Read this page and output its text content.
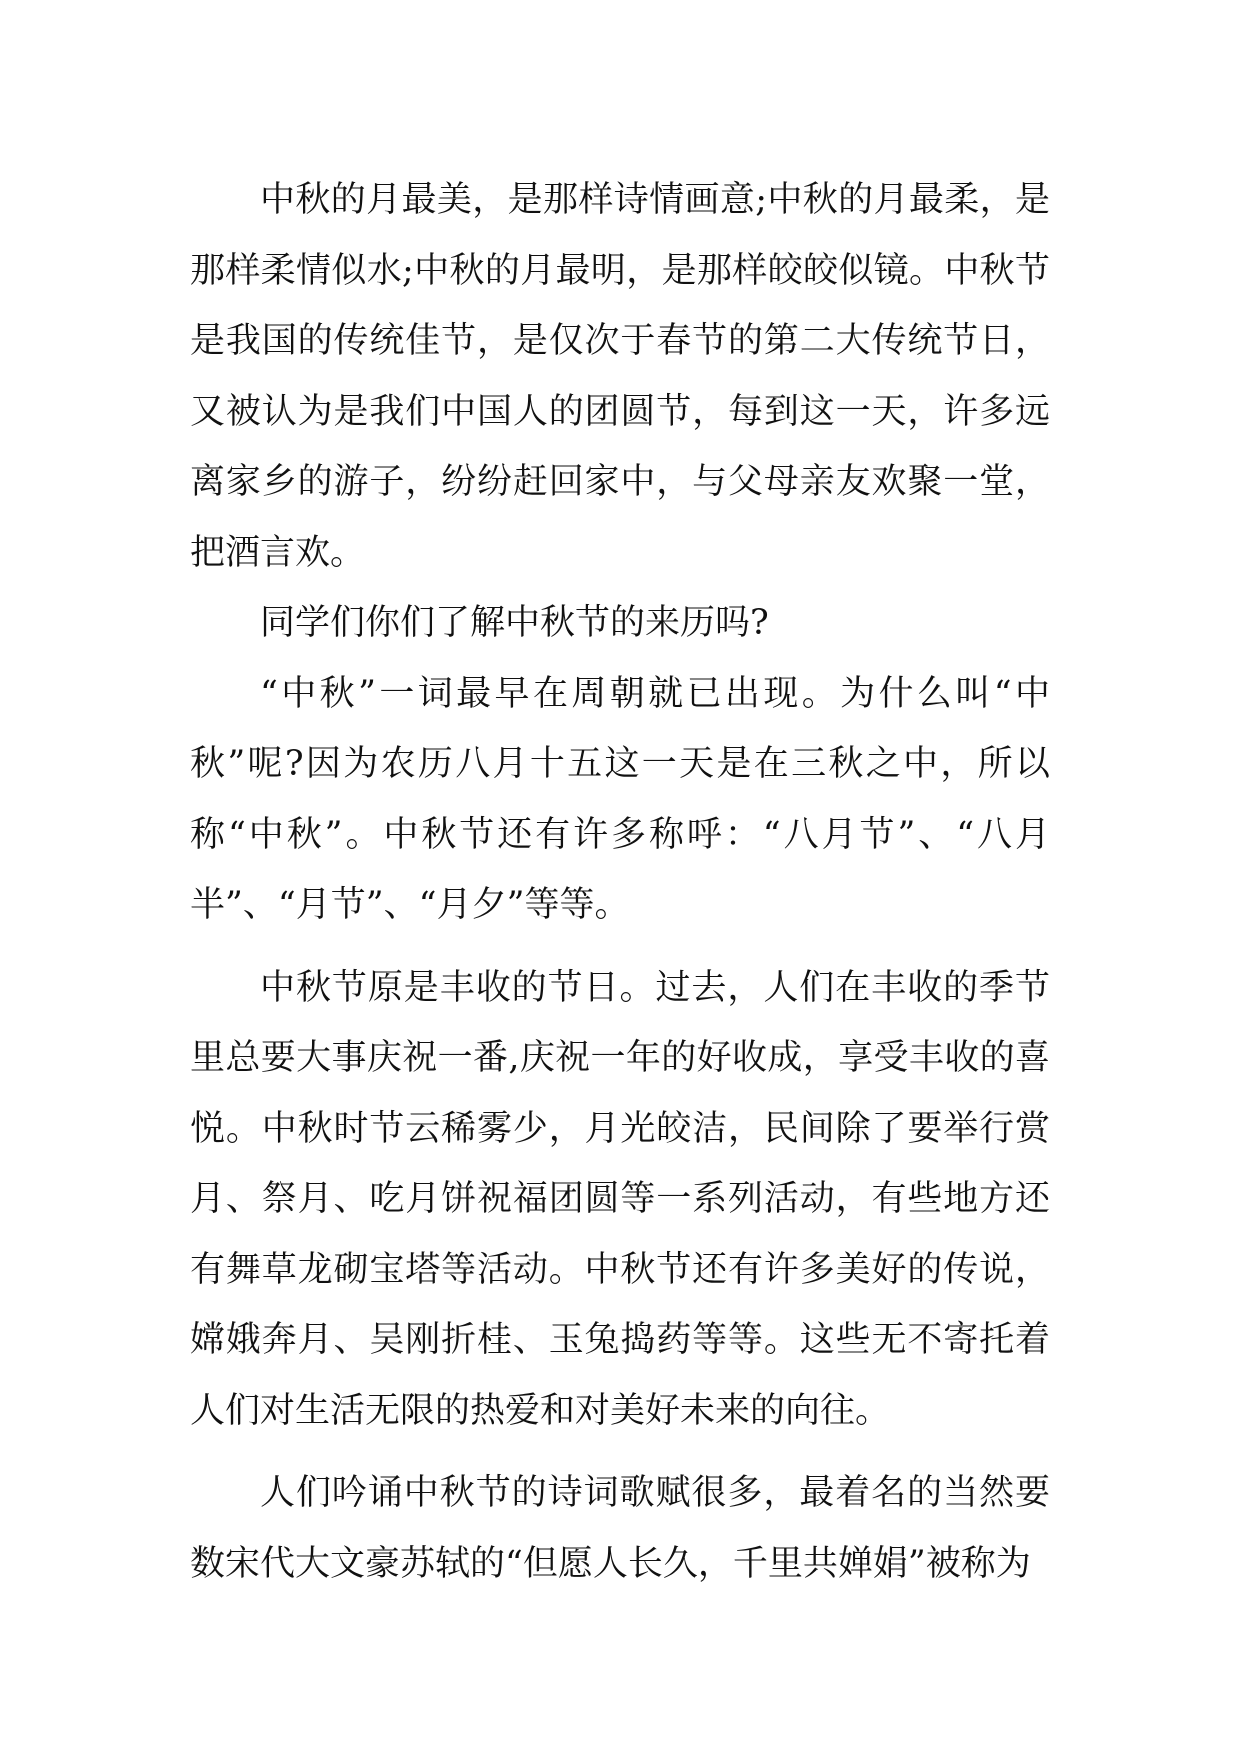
中秋的月最美，是那样诗情画意;中秋的月最柔，是那样柔情似水;中秋的月最明，是那样皎皎似镜。中秋节是我国的传统佳节，是仅次于春节的第二大传统节日，又被认为是我们中国人的团圆节，每到这一天，许多远离家乡的游子，纷纷赶回家中，与父母亲友欢聚一堂，把酒言欢。

同学们你们了解中秋节的来历吗?

“中秋”一词最早在周朝就已出现。为什么叫“中秋”呢?因为农历八月十五这一天是在三秋之中，所以称“中秋”。中秋节还有许多称呼：“八月节”、“八月半”、“月节”、“月夕”等等。

中秋节原是丰收的节日。过去，人们在丰收的季节里总要大事庆祝一番,庆祝一年的好收成，享受丰收的喜悦。中秋时节云稀雾少，月光皎洁，民间除了要举行赏月、祭月、吃月饼祝福团圆等一系列活动，有些地方还有舞草龙砌宝塔等活动。中秋节还有许多美好的传说，嫦娥奔月、吴刚折桂、玉兔捣药等等。这些无不寄托着人们对生活无限的热爱和对美好未来的向往。

人们吟诵中秋节的诗词歌赋很多，最着名的当然要数宋代大文豪苏轼的“但愿人长久，千里共婵娟”被称为
